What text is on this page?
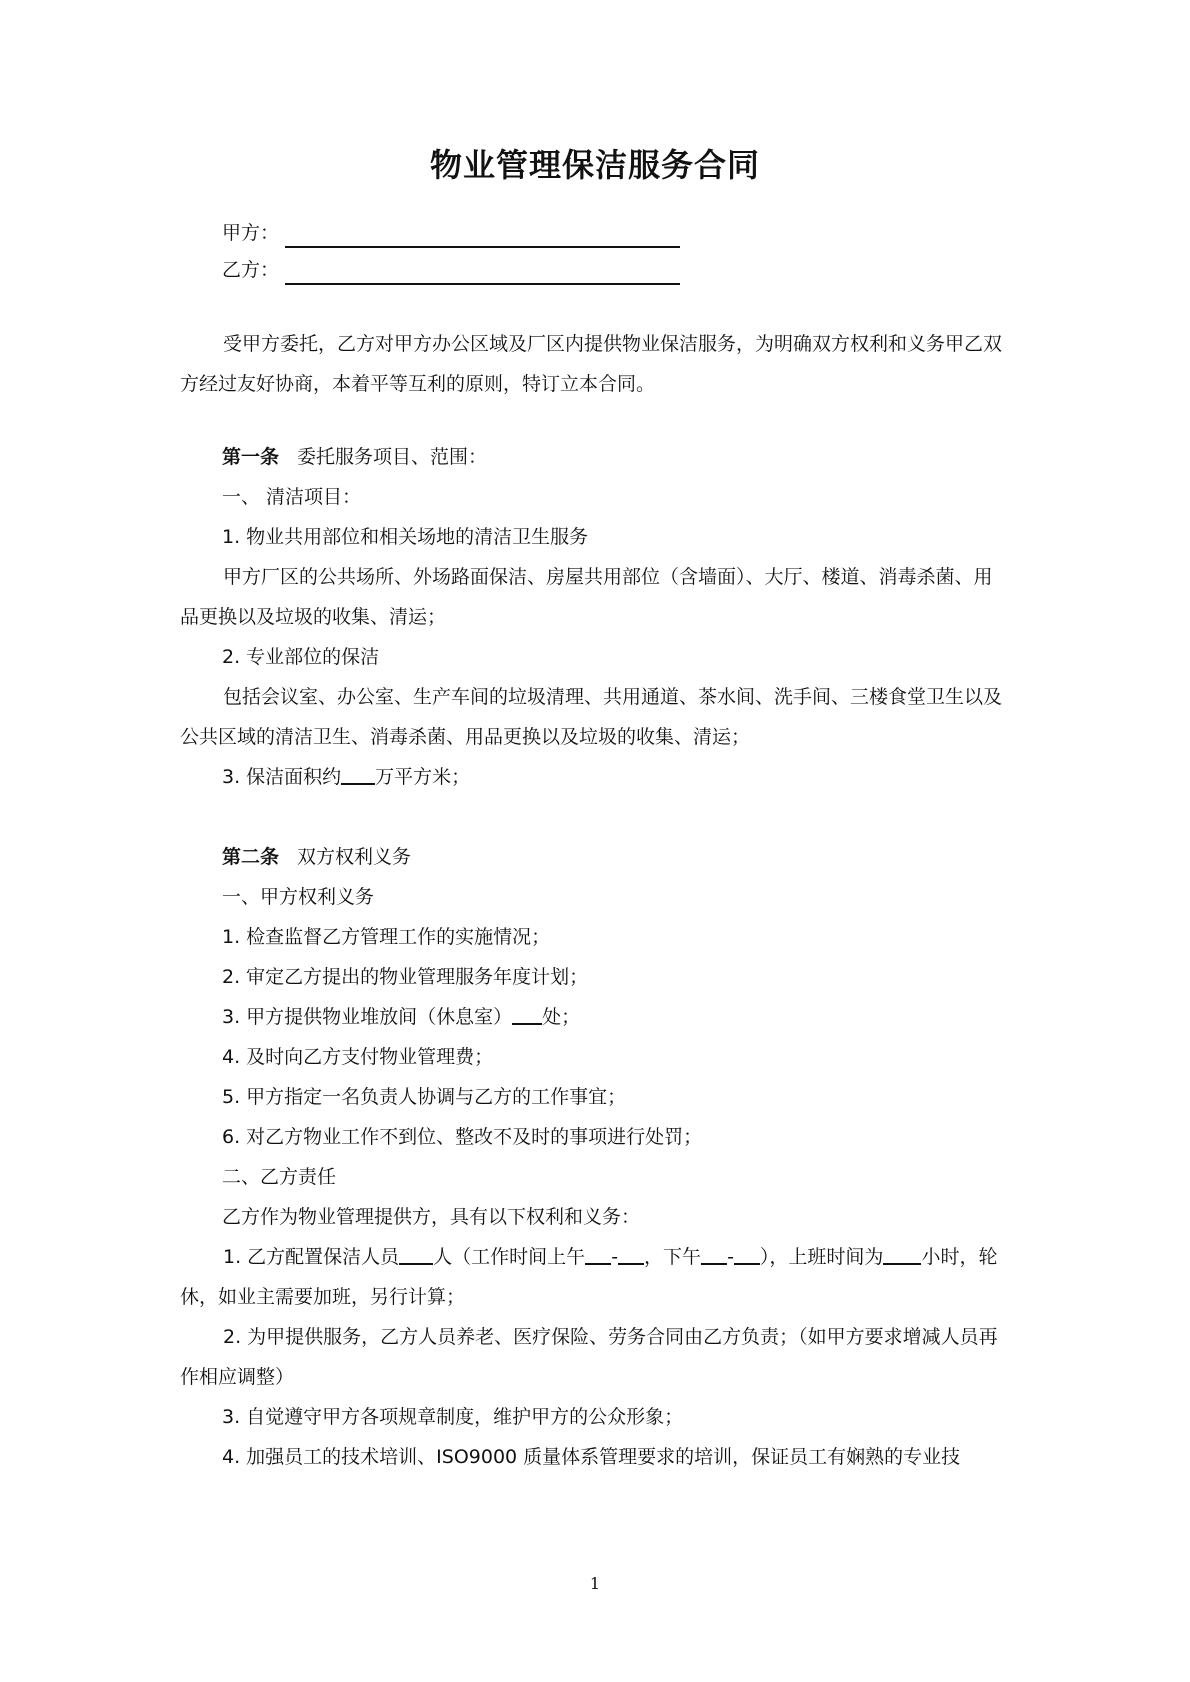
物业管理保洁服务合同
甲方：
乙方：
受甲方委托，乙方对甲方办公区域及厂区内提供物业保洁服务，为明确双方权利和义务甲乙双方经过友好协商，本着平等互利的原则，特订立本合同。
第一条 委托服务项目、范围：
一、 清洁项目：
1. 物业共用部位和相关场地的清洁卫生服务
甲方厂区的公共场所、外场路面保洁、房屋共用部位（含墙面）、大厅、楼道、消毒杀菌、用品更换以及垃圾的收集、清运；
2. 专业部位的保洁
包括会议室、办公室、生产车间的垃圾清理、共用通道、茶水间、洗手间、三楼食堂卫生以及公共区域的清洁卫生、消毒杀菌、用品更换以及垃圾的收集、清运；
3. 保洁面积约 万平方米；
第二条 双方权利义务
一、甲方权利义务
1. 检查监督乙方管理工作的实施情况；
2. 审定乙方提出的物业管理服务年度计划；
3. 甲方提供物业堆放间（休息室） 处；
4. 及时向乙方支付物业管理费；
5. 甲方指定一名负责人协调与乙方的工作事宜；
6. 对乙方物业工作不到位、整改不及时的事项进行处罚；
二、乙方责任
乙方作为物业管理提供方，具有以下权利和义务：
1. 乙方配置保洁人员 人（工作时间上午 - ，下午 - ），上班时间为 小时，轮休，如业主需要加班，另行计算；
2. 为甲提供服务，乙方人员养老、医疗保险、劳务合同由乙方负责；（如甲方要求增减人员再作相应调整）
3. 自觉遵守甲方各项规章制度，维护甲方的公众形象；
4. 加强员工的技术培训、ISO9000 质量体系管理要求的培训，保证员工有娴熟的专业技
1
